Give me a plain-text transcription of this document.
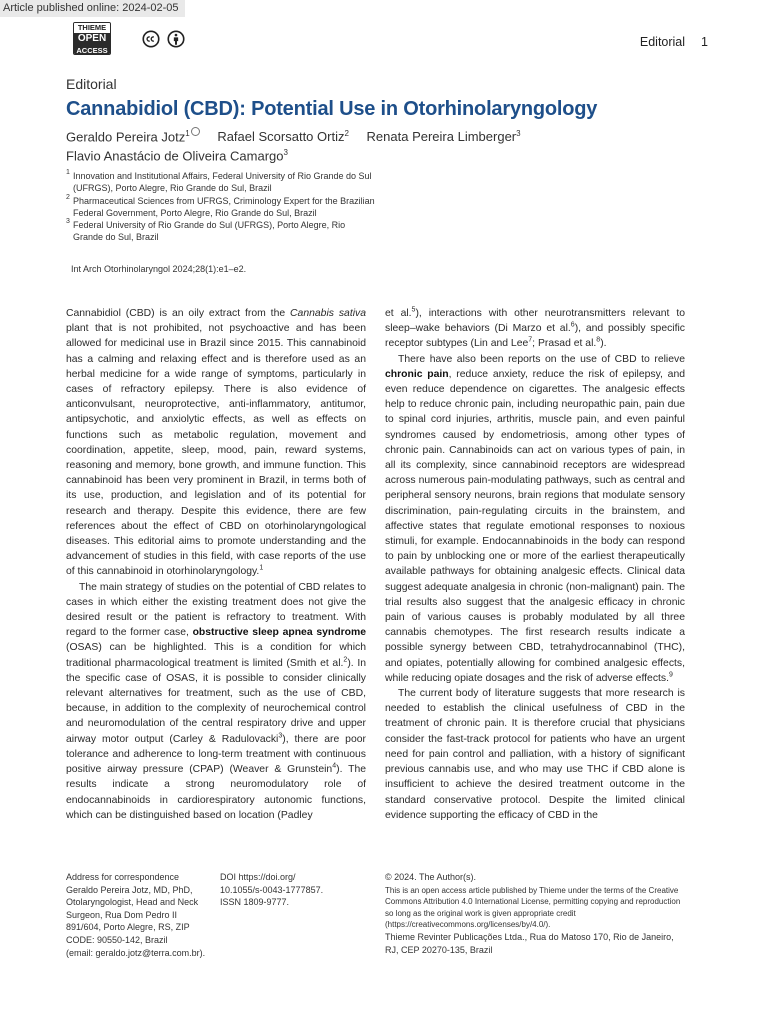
Article published online: 2024-02-05
THIEME
OPEN
ACCESS
Editorial 1
Editorial
Cannabidiol (CBD): Potential Use in Otorhinolaryngology
Geraldo Pereira Jotz$^1$ Rafael Scorsatto Ortiz$^2$ Renata Pereira Limberger$^3$
Flavio Anastácio de Oliveira Camargo$^3$
1 Innovation and Institutional Affairs, Federal University of Rio Grande do Sul (UFRGS), Porto Alegre, Rio Grande do Sul, Brazil
2 Pharmaceutical Sciences from UFRGS, Criminology Expert for the Brazilian Federal Government, Porto Alegre, Rio Grande do Sul, Brazil
3 Federal University of Rio Grande do Sul (UFRGS), Porto Alegre, Rio Grande do Sul, Brazil
Int Arch Otorhinolaryngol 2024;28(1):e1–e2.

Cannabidiol (CBD) is an oily extract from the Cannabis sativa plant that is not prohibited, not psychoactive and has been allowed for medicinal use in Brazil since 2015. This cannabinoid has a calming and relaxing effect and is therefore used as an herbal medicine for a wide range of symptoms, particularly in cases of refractory epilepsy. There is also evidence of anticonvulsant, neuroprotective, anti-inflammatory, antitumor, antipsychotic, and anxiolytic effects, as well as effects on functions such as metabolic regulation, movement and coordination, appetite, sleep, mood, pain, reward systems, reasoning and memory, bone growth, and immune function. This cannabinoid has been very prominent in Brazil, in terms both of its use, production, and legislation and of its potential for research and therapy. Despite this evidence, there are few references about the effect of CBD on otorhinolaryngological diseases. This editorial aims to promote understanding and the advancement of studies in this field, with case reports of the use of this cannabinoid in otorhinolaryngology.$^1$

The main strategy of studies on the potential of CBD relates to cases in which either the existing treatment does not give the desired result or the patient is refractory to treatment. With regard to the former case, obstructive sleep apnea syndrome (OSAS) can be highlighted. This is a condition for which traditional pharmacological treatment is limited (Smith et al.$^2$). In the specific case of OSAS, it is possible to consider clinically relevant alternatives for treatment, such as the use of CBD, because, in addition to the complexity of neurochemical control and neuromodulation of the central respiratory drive and upper airway motor output (Carley & Radulovacki$^3$), there are poor tolerance and adherence to long-term treatment with continuous positive airway pressure (CPAP) (Weaver & Grunstein$^4$). The results indicate a strong neuromodulatory role of endocannabinoids in cardiorespiratory autonomic functions, which can be distinguished based on location (Padley

et al.$^5$), interactions with other neurotransmitters relevant to sleep–wake behaviors (Di Marzo et al.$^6$), and possibly specific receptor subtypes (Lin and Lee$^7$; Prasad et al.$^8$).

There have also been reports on the use of CBD to relieve chronic pain, reduce anxiety, reduce the risk of epilepsy, and even reduce dependence on cigarettes. The analgesic effects help to reduce chronic pain, including neuropathic pain, pain due to spinal cord injuries, arthritis, muscle pain, and even painful syndromes caused by endometriosis, among other types of chronic pain. Cannabinoids can act on various types of pain, in all its complexity, since cannabinoid receptors are widespread across numerous pain-modulating pathways, such as central and peripheral sensory neurons, brain regions that modulate sensory discrimination, pain-regulating circuits in the brainstem, and affective states that regulate emotional responses to noxious stimuli, for example. Endocannabinoids in the body can respond to pain by unblocking one or more of the earliest therapeutically available pathways for obtaining analgesic effects. Clinical data suggest adequate analgesia in chronic (non-malignant) pain. The trial results also suggest that the analgesic efficacy in chronic pain of various causes is probably modulated by all three cannabis chemotypes. The first research results indicate a possible synergy between CBD, tetrahydrocannabinol (THC), and opiates, potentially allowing for combined analgesic effects, while reducing opiate dosages and the risk of adverse effects.$^9$

The current body of literature suggests that more research is needed to establish the clinical usefulness of CBD in the treatment of chronic pain. It is therefore crucial that physicians consider the fast-track protocol for patients who have an urgent need for pain control and palliation, with a history of significant previous cannabis use, and who may use THC if CBD alone is insufficient to achieve the desired treatment outcome in the standard conservative protocol. Despite the limited clinical evidence supporting the efficacy of CBD in the

Address for correspondence
Geraldo Pereira Jotz, MD, PhD,
Otolaryngologist, Head and Neck
Surgeon, Rua Dom Pedro II
891/604, Porto Alegre, RS, ZIP
CODE: 90550-142, Brazil
(email: geraldo.jotz@terra.com.br).
DOI https://doi.org/
10.1055/s-0043-1777857.
ISSN 1809-9777.
© 2024. The Author(s).
This is an open access article published by Thieme under the terms of the Creative Commons Attribution 4.0 International License, permitting copying and reproduction so long as the original work is given appropriate credit (https://creativecommons.org/licenses/by/4.0/).
Thieme Revinter Publicações Ltda., Rua do Matoso 170, Rio de Janeiro, RJ, CEP 20270-135, Brazil
